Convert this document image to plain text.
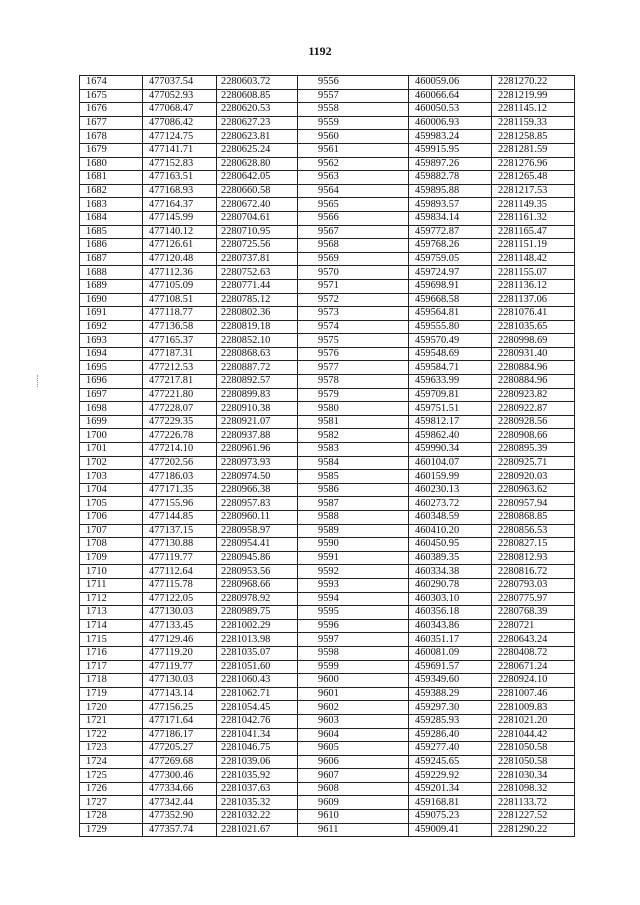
1192
1674	477037.54	2280603.72	9556	460059.06	2281270.22
1675	477052.93	2280608.85	9557	460066.64	2281219.99
1676	477068.47	2280620.53	9558	460050.53	2281145.12
1677	477086.42	2280627.23	9559	460006.93	2281159.33
1678	477124.75	2280623.81	9560	459983.24	2281258.85
1679	477141.71	2280625.24	9561	459915.95	2281281.59
1680	477152.83	2280628.80	9562	459897.26	2281276.96
1681	477163.51	2280642.05	9563	459882.78	2281265.48
1682	477168.93	2280660.58	9564	459895.88	2281217.53
1683	477164.37	2280672.40	9565	459893.57	2281149.35
1684	477145.99	2280704.61	9566	459834.14	2281161.32
1685	477140.12	2280710.95	9567	459772.87	2281165.47
1686	477126.61	2280725.56	9568	459768.26	2281151.19
1687	477120.48	2280737.81	9569	459759.05	2281148.42
1688	477112.36	2280752.63	9570	459724.97	2281155.07
1689	477105.09	2280771.44	9571	459698.91	2281136.12
1690	477108.51	2280785.12	9572	459668.58	2281137.06
1691	477118.77	2280802.36	9573	459564.81	2281076.41
1692	477136.58	2280819.18	9574	459555.80	2281035.65
1693	477165.37	2280852.10	9575	459570.49	2280998.69
1694	477187.31	2280868.63	9576	459548.69	2280931.40
1695	477212.53	2280887.72	9577	459584.71	2280884.96
1696	477217.81	2280892.57	9578	459633.99	2280884.96
1697	477221.80	2280899.83	9579	459709.81	2280923.82
1698	477228.07	2280910.38	9580	459751.51	2280922.87
1699	477229.35	2280921.07	9581	459812.17	2280928.56
1700	477226.78	2280937.88	9582	459862.40	2280908.66
1701	477214.10	2280961.96	9583	459990.34	2280895.39
1702	477202.56	2280973.93	9584	460104.07	2280925.71
1703	477186.03	2280974.50	9585	460159.99	2280920.03
1704	477171.35	2280966.38	9586	460230.13	2280963.62
1705	477155.96	2280957.83	9587	460273.72	2280957.94
1706	477144.85	2280960.11	9588	460348.59	2280868.85
1707	477137.15	2280958.97	9589	460410.20	2280856.53
1708	477130.88	2280954.41	9590	460450.95	2280827.15
1709	477119.77	2280945.86	9591	460389.35	2280812.93
1710	477112.64	2280953.56	9592	460334.38	2280816.72
1711	477115.78	2280968.66	9593	460290.78	2280793.03
1712	477122.05	2280978.92	9594	460303.10	2280775.97
1713	477130.03	2280989.75	9595	460356.18	2280768.39
1714	477133.45	2281002.29	9596	460343.86	2280721
1715	477129.46	2281013.98	9597	460351.17	2280643.24
1716	477119.20	2281035.07	9598	460081.09	2280408.72
1717	477119.77	2281051.60	9599	459691.57	2280671.24
1718	477130.03	2281060.43	9600	459349.60	2280924.10
1719	477143.14	2281062.71	9601	459388.29	2281007.46
1720	477156.25	2281054.45	9602	459297.30	2281009.83
1721	477171.64	2281042.76	9603	459285.93	2281021.20
1722	477186.17	2281041.34	9604	459286.40	2281044.42
1723	477205.27	2281046.75	9605	459277.40	2281050.58
1724	477269.68	2281039.06	9606	459245.65	2281050.58
1725	477300.46	2281035.92	9607	459229.92	2281030.34
1726	477334.66	2281037.63	9608	459201.34	2281098.32
1727	477342.44	2281035.32	9609	459168.81	2281133.72
1728	477352.90	2281032.22	9610	459075.23	2281227.52
1729	477357.74	2281021.67	9611	459009.41	2281290.22
